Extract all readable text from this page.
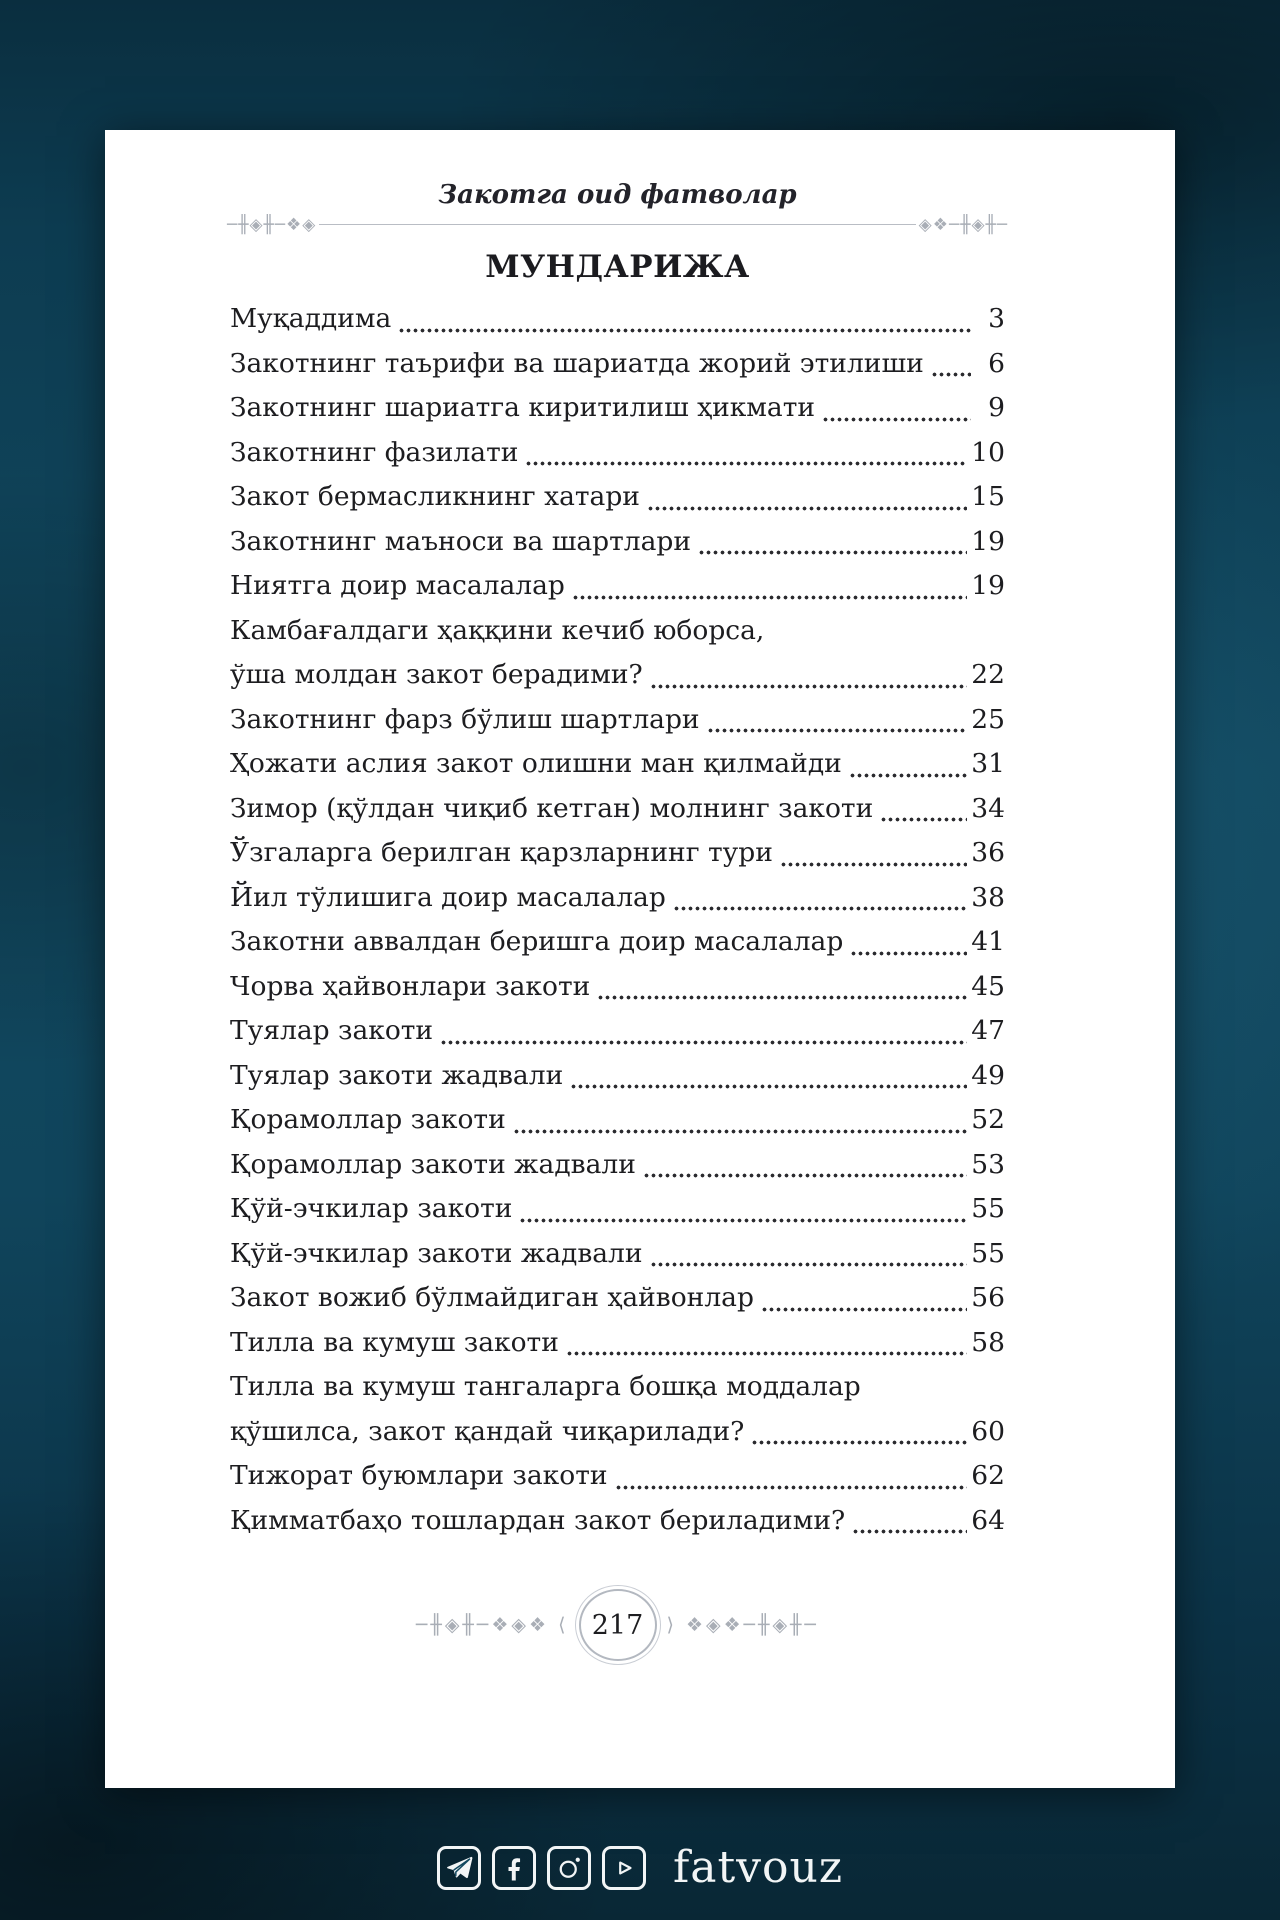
Закотга оид фатволар
─╫◈╫─❖◈	◈❖─╫◈╫─
МУНДАРИЖА
Муқаддима	3
Закотнинг таърифи ва шариатда жорий этилиши	6
Закотнинг шариатга киритилиш ҳикмати	9
Закотнинг фазилати	10
Закот бермасликнинг хатари	15
Закотнинг маъноси ва шартлари	19
Ниятга доир масалалар	19
Камбағалдаги ҳаққини кечиб юборса,
ўша молдан закот берадими?	22
Закотнинг фарз бўлиш шартлари	25
Ҳожати аслия закот олишни ман қилмайди	31
Зимор (қўлдан чиқиб кетган) молнинг закоти	34
Ўзгаларга берилган қарзларнинг тури	36
Йил тўлишига доир масалалар	38
Закотни аввалдан беришга доир масалалар	41
Чорва ҳайвонлари закоти	45
Туялар закоти	47
Туялар закоти жадвали	49
Қорамоллар закоти	52
Қорамоллар закоти жадвали	53
Қўй-эчкилар закоти	55
Қўй-эчкилар закоти жадвали	55
Закот вожиб бўлмайдиган ҳайвонлар	56
Тилла ва кумуш закоти	58
Тилла ва кумуш тангаларга бошқа моддалар
қўшилса, закот қандай чиқарилади?	60
Тижорат буюмлари закоти	62
Қимматбаҳо тошлардан закот бериладими?	64
─╫◈╫─❖◈❖ ⟨ 217 ⟩ ❖◈❖─╫◈╫─
fatvouz
